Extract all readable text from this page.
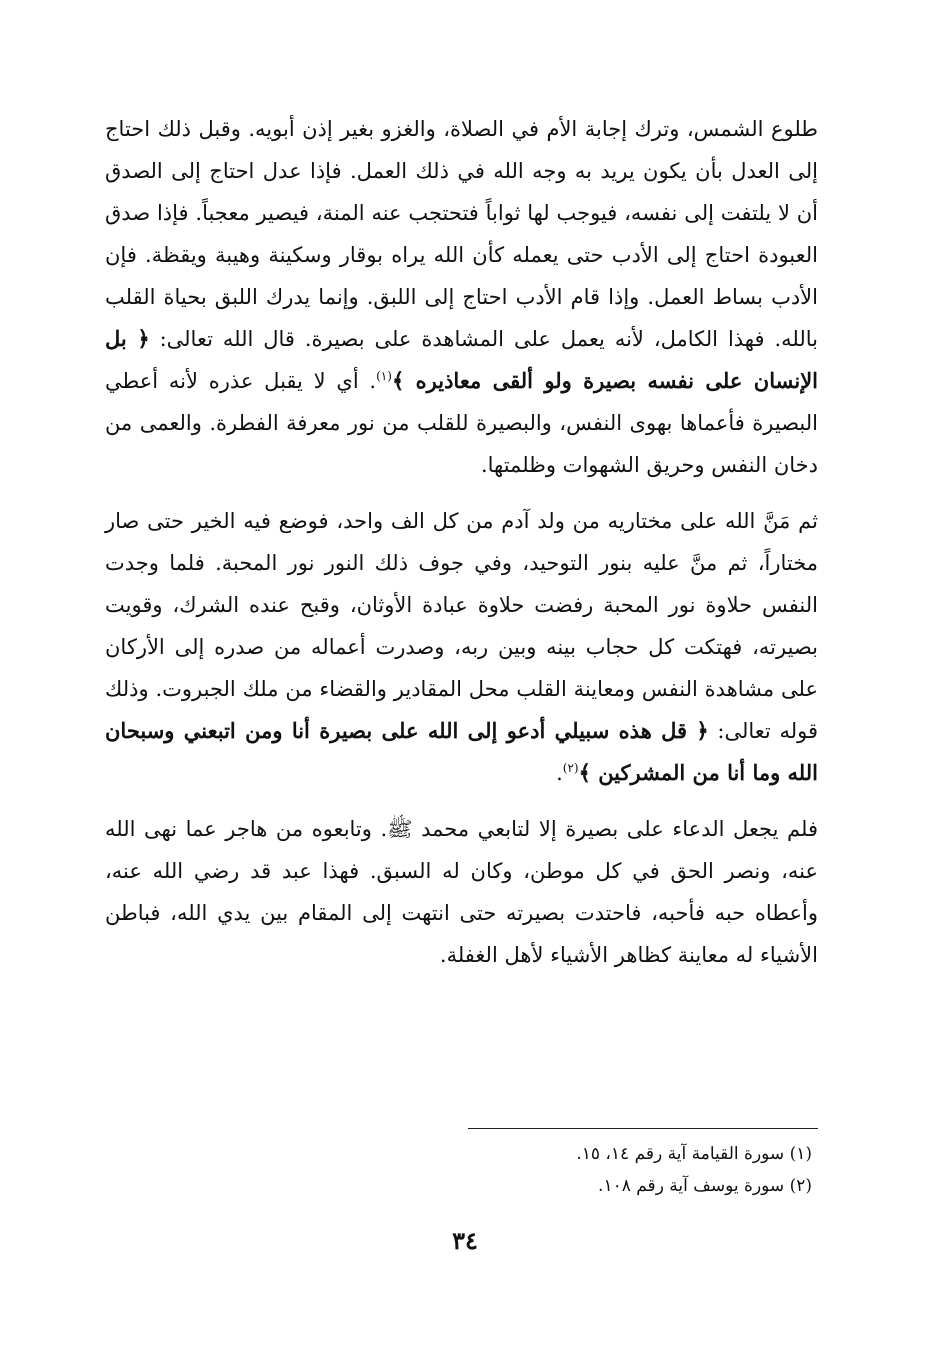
طلوع الشمس، وترك إجابة الأم في الصلاة، والغزو بغير إذن أبويه. وقبل ذلك احتاج إلى العدل بأن يكون يريد به وجه الله في ذلك العمل. فإذا عدل احتاج إلى الصدق أن لا يلتفت إلى نفسه، فيوجب لها ثواباً فتحتجب عنه المنة، فيصير معجباً. فإذا صدق العبودة احتاج إلى الأدب حتى يعمله كأن الله يراه بوقار وسكينة وهيبة ويقظة. فإن الأدب بساط العمل. وإذا قام الأدب احتاج إلى اللبق. وإنما يدرك اللبق بحياة القلب بالله. فهذا الكامل، لأنه يعمل على المشاهدة على بصيرة. قال الله تعالى: ﴿ بل الإنسان على نفسه بصيرة ولو ألقى معاذيره ﴾$^{(١)}$. أي لا يقبل عذره لأنه أعطي البصيرة فأعماها بهوى النفس، والبصيرة للقلب من نور معرفة الفطرة. والعمى من دخان النفس وحريق الشهوات وظلمتها.

ثم مَنَّ الله على مختاريه من ولد آدم من كل الف واحد، فوضع فيه الخير حتى صار مختاراً، ثم منَّ عليه بنور التوحيد، وفي جوف ذلك النور نور المحبة. فلما وجدت النفس حلاوة نور المحبة رفضت حلاوة عبادة الأوثان، وقبح عنده الشرك، وقويت بصيرته، فهتكت كل حجاب بينه وبين ربه، وصدرت أعماله من صدره إلى الأركان على مشاهدة النفس ومعاينة القلب محل المقادير والقضاء من ملك الجبروت. وذلك قوله تعالى: ﴿ قل هذه سبيلي أدعو إلى الله على بصيرة أنا ومن اتبعني وسبحان الله وما أنا من المشركين ﴾$^{(٢)}$.

فلم يجعل الدعاء على بصيرة إلا لتابعي محمد ﷺ. وتابعوه من هاجر عما نهى الله عنه، ونصر الحق في كل موطن، وكان له السبق. فهذا عبد قد رضي الله عنه، وأعطاه حبه فأحبه، فاحتدت بصيرته حتى انتهت إلى المقام بين يدي الله، فباطن الأشياء له معاينة كظاهر الأشياء لأهل الغفلة.

(١) سورة القيامة آية رقم ١٤، ١٥.

(٢) سورة يوسف آية رقم ١٠٨.

٣٤
